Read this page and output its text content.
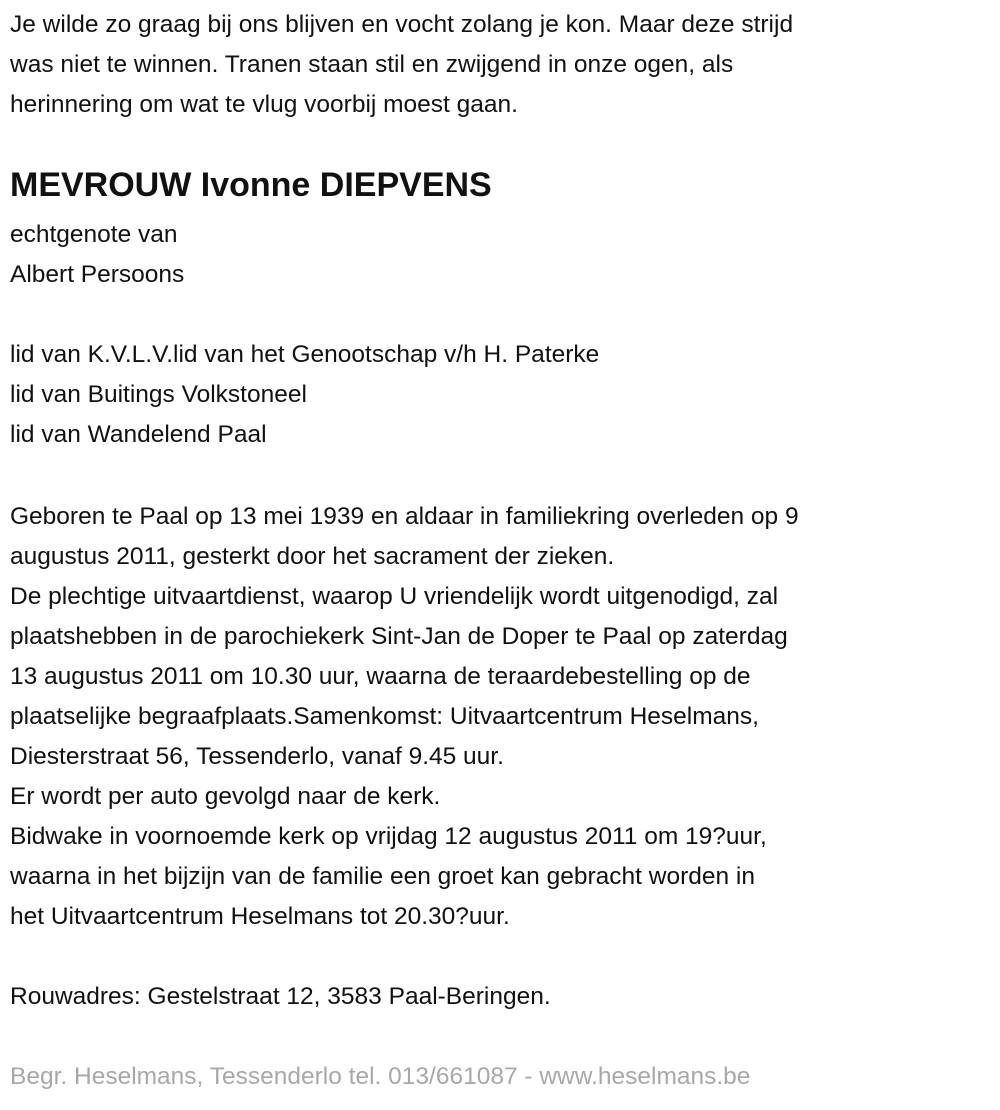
Je wilde zo graag bij ons blijven en vocht zolang je kon. Maar deze strijd
was niet te winnen. Tranen staan stil en zwijgend in onze ogen, als
herinnering om wat te vlug voorbij moest gaan.
MEVROUW Ivonne DIEPVENS
echtgenote van
Albert Persoons
lid van K.V.L.V.lid van het Genootschap v/h H. Paterke
lid van Buitings Volkstoneel
lid van Wandelend Paal
Geboren te Paal op 13 mei 1939 en aldaar in familiekring overleden op 9
augustus 2011, gesterkt door het sacrament der zieken.
De plechtige uitvaartdienst, waarop U vriendelijk wordt uitgenodigd, zal
plaatshebben in de parochiekerk Sint-Jan de Doper te Paal op zaterdag
13 augustus 2011 om 10.30 uur, waarna de teraardebestelling op de
plaatselijke begraafplaats.Samenkomst: Uitvaartcentrum Heselmans,
Diesterstraat 56, Tessenderlo, vanaf 9.45 uur.
Er wordt per auto gevolgd naar de kerk.
Bidwake in voornoemde kerk op vrijdag 12 augustus 2011 om 19?uur,
waarna in het bijzijn van de familie een groet kan gebracht worden in
het Uitvaartcentrum Heselmans tot 20.30?uur.
Rouwadres: Gestelstraat 12, 3583 Paal-Beringen.
Begr. Heselmans, Tessenderlo tel. 013/661087 - www.heselmans.be
